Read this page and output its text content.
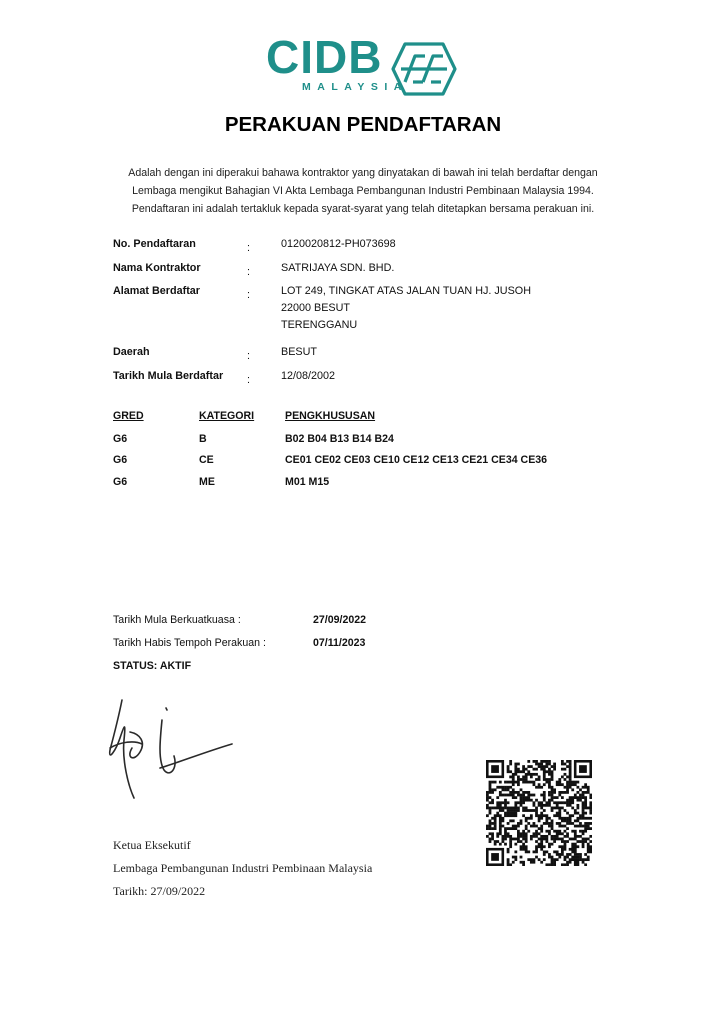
CIDB
MALAYSIA
PERAKUAN PENDAFTARAN
Adalah dengan ini diperakui bahawa kontraktor yang dinyatakan di bawah ini telah berdaftar dengan
Lembaga mengikut Bahagian VI Akta Lembaga Pembangunan Industri Pembinaan Malaysia 1994.
Pendaftaran ini adalah tertakluk kepada syarat-syarat yang telah ditetapkan bersama perakuan ini.
No. Pendaftaran	:	0120020812-PH073698
Nama Kontraktor	:	SATRIJAYA SDN. BHD.
Alamat Berdaftar	:	LOT 249, TINGKAT ATAS JALAN TUAN HJ. JUSOH
22000 BESUT
TERENGGANU
Daerah	:	BESUT
Tarikh Mula Berdaftar :	12/08/2002
GRED	KATEGORI	PENGKHUSUSAN
G6	B	B02 B04 B13 B14 B24
G6	CE	CE01 CE02 CE03 CE10 CE12 CE13 CE21 CE34 CE36
G6	ME	M01 M15
Tarikh Mula Berkuatkuasa :	27/09/2022
Tarikh Habis Tempoh Perakuan :	07/11/2023
STATUS: AKTIF
Ketua Eksekutif
Lembaga Pembangunan Industri Pembinaan Malaysia
Tarikh: 27/09/2022
